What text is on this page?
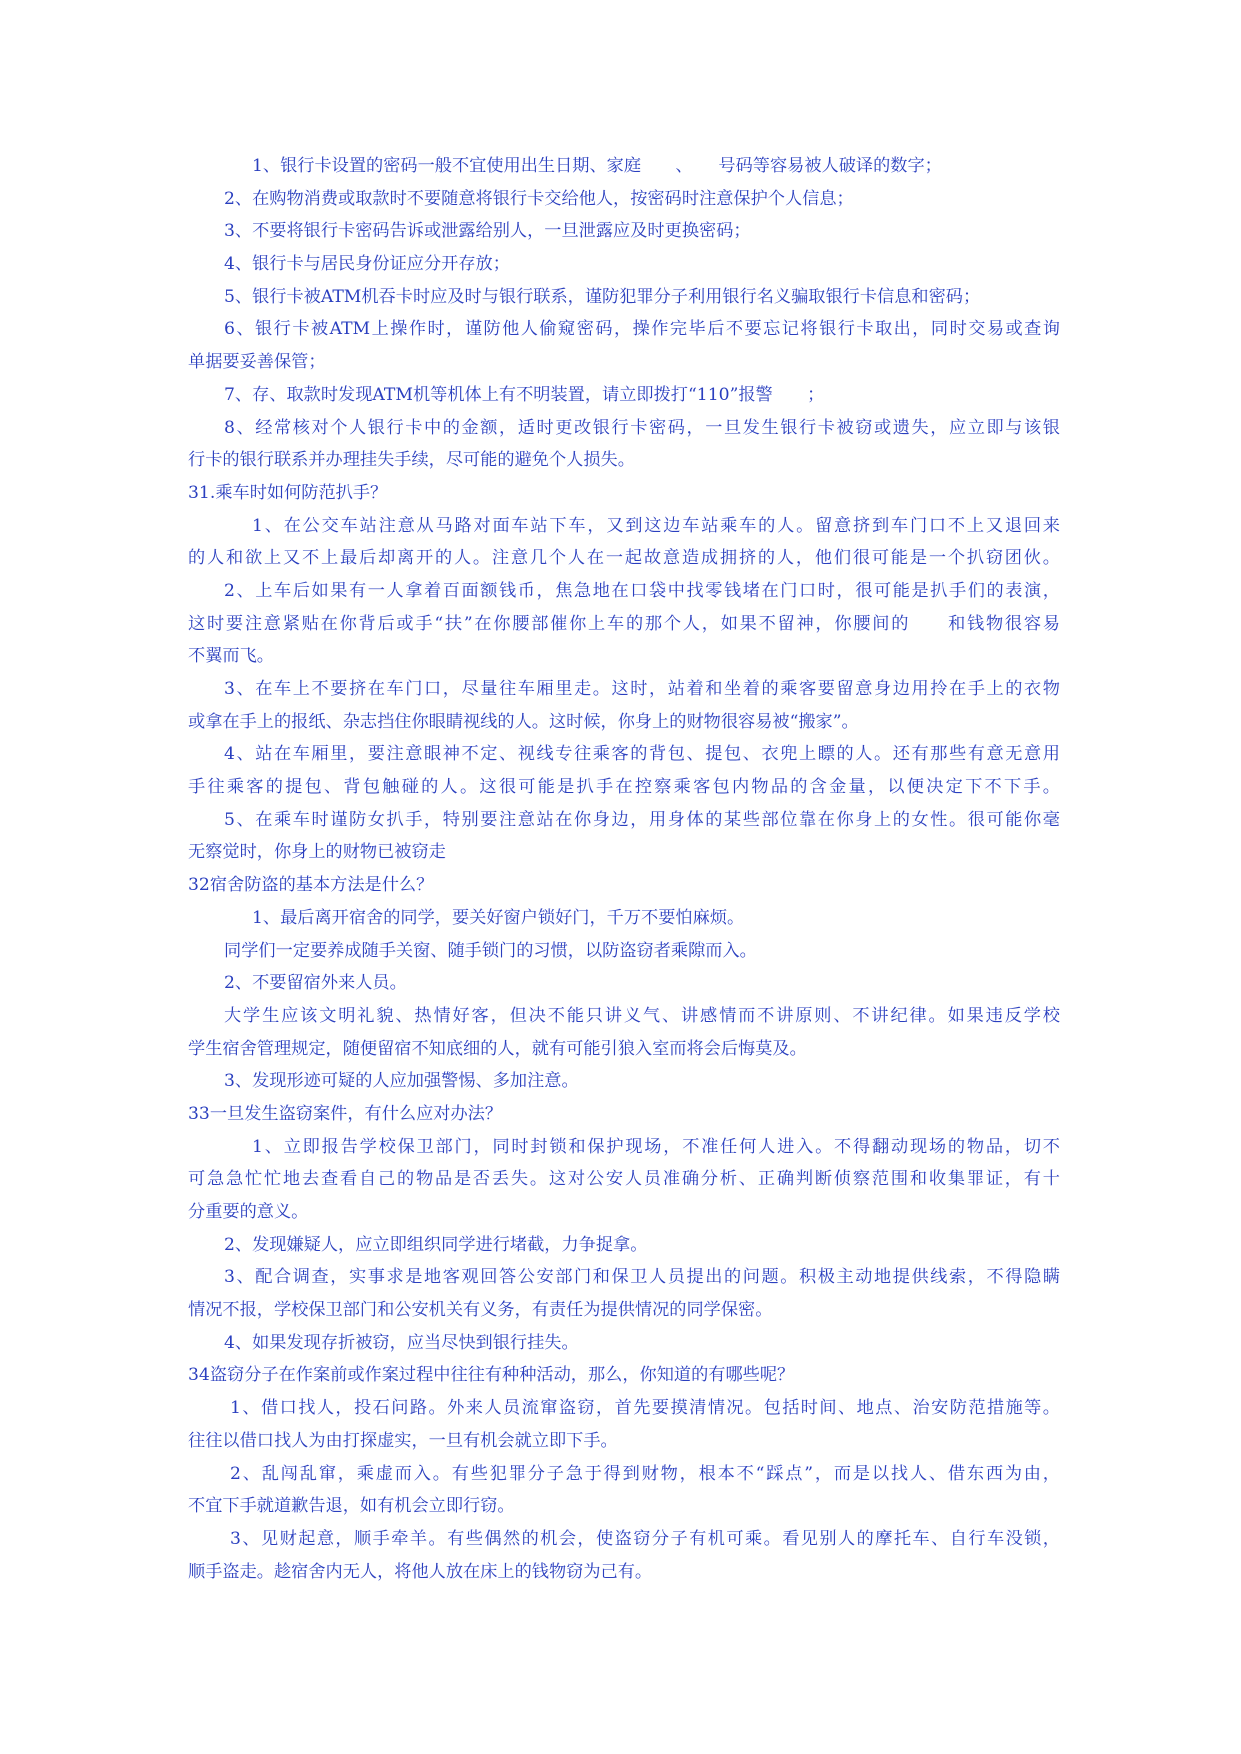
1、银行卡设置的密码一般不宜使用出生日期、家庭　　、　　号码等容易被人破译的数字；
2、在购物消费或取款时不要随意将银行卡交给他人，按密码时注意保护个人信息；
3、不要将银行卡密码告诉或泄露给别人，一旦泄露应及时更换密码；
4、银行卡与居民身份证应分开存放；
5、银行卡被ATM机吞卡时应及时与银行联系，谨防犯罪分子利用银行名义骗取银行卡信息和密码；
6、银行卡被ATM上操作时，谨防他人偷窥密码，操作完毕后不要忘记将银行卡取出，同时交易或查询
单据要妥善保管；
7、存、取款时发现ATM机等机体上有不明装置，请立即拨打“110”报警　　；
8、经常核对个人银行卡中的金额，适时更改银行卡密码，一旦发生银行卡被窃或遗失，应立即与该银
行卡的银行联系并办理挂失手续，尽可能的避免个人损失。
31.乘车时如何防范扒手？
1、在公交车站注意从马路对面车站下车，又到这边车站乘车的人。留意挤到车门口不上又退回来
的人和欲上又不上最后却离开的人。注意几个人在一起故意造成拥挤的人，他们很可能是一个扒窃团伙。
2、上车后如果有一人拿着百面额钱币，焦急地在口袋中找零钱堵在门口时，很可能是扒手们的表演，
这时要注意紧贴在你背后或手“扶”在你腰部催你上车的那个人，如果不留神，你腰间的　　和钱物很容易
不翼而飞。
3、在车上不要挤在车门口，尽量往车厢里走。这时，站着和坐着的乘客要留意身边用拎在手上的衣物
或拿在手上的报纸、杂志挡住你眼睛视线的人。这时候，你身上的财物很容易被“搬家”。
4、站在车厢里，要注意眼神不定、视线专往乘客的背包、提包、衣兜上瞟的人。还有那些有意无意用
手往乘客的提包、背包触碰的人。这很可能是扒手在控察乘客包内物品的含金量，以便决定下不下手。
5、在乘车时谨防女扒手，特别要注意站在你身边，用身体的某些部位靠在你身上的女性。很可能你毫
无察觉时，你身上的财物已被窃走
32宿舍防盗的基本方法是什么？
1、最后离开宿舍的同学，要关好窗户锁好门，千万不要怕麻烦。
同学们一定要养成随手关窗、随手锁门的习惯，以防盗窃者乘隙而入。
2、不要留宿外来人员。
大学生应该文明礼貌、热情好客，但决不能只讲义气、讲感情而不讲原则、不讲纪律。如果违反学校
学生宿舍管理规定，随便留宿不知底细的人，就有可能引狼入室而将会后悔莫及。
3、发现形迹可疑的人应加强警惕、多加注意。
33一旦发生盗窃案件，有什么应对办法？
1、立即报告学校保卫部门，同时封锁和保护现场，不准任何人进入。不得翻动现场的物品，切不
可急急忙忙地去查看自己的物品是否丢失。这对公安人员准确分析、正确判断侦察范围和收集罪证，有十
分重要的意义。
2、发现嫌疑人，应立即组织同学进行堵截，力争捉拿。
3、配合调查，实事求是地客观回答公安部门和保卫人员提出的问题。积极主动地提供线索，不得隐瞒
情况不报，学校保卫部门和公安机关有义务，有责任为提供情况的同学保密。
4、如果发现存折被窃，应当尽快到银行挂失。
34盗窃分子在作案前或作案过程中往往有种种活动，那么，你知道的有哪些呢？
1、借口找人，投石问路。外来人员流窜盗窃，首先要摸清情况。包括时间、地点、治安防范措施等。
往往以借口找人为由打探虚实，一旦有机会就立即下手。
2、乱闯乱窜，乘虚而入。有些犯罪分子急于得到财物，根本不“踩点”，而是以找人、借东西为由，
不宜下手就道歉告退，如有机会立即行窃。
3、见财起意，顺手牵羊。有些偶然的机会，使盗窃分子有机可乘。看见别人的摩托车、自行车没锁，
顺手盗走。趁宿舍内无人，将他人放在床上的钱物窃为己有。
